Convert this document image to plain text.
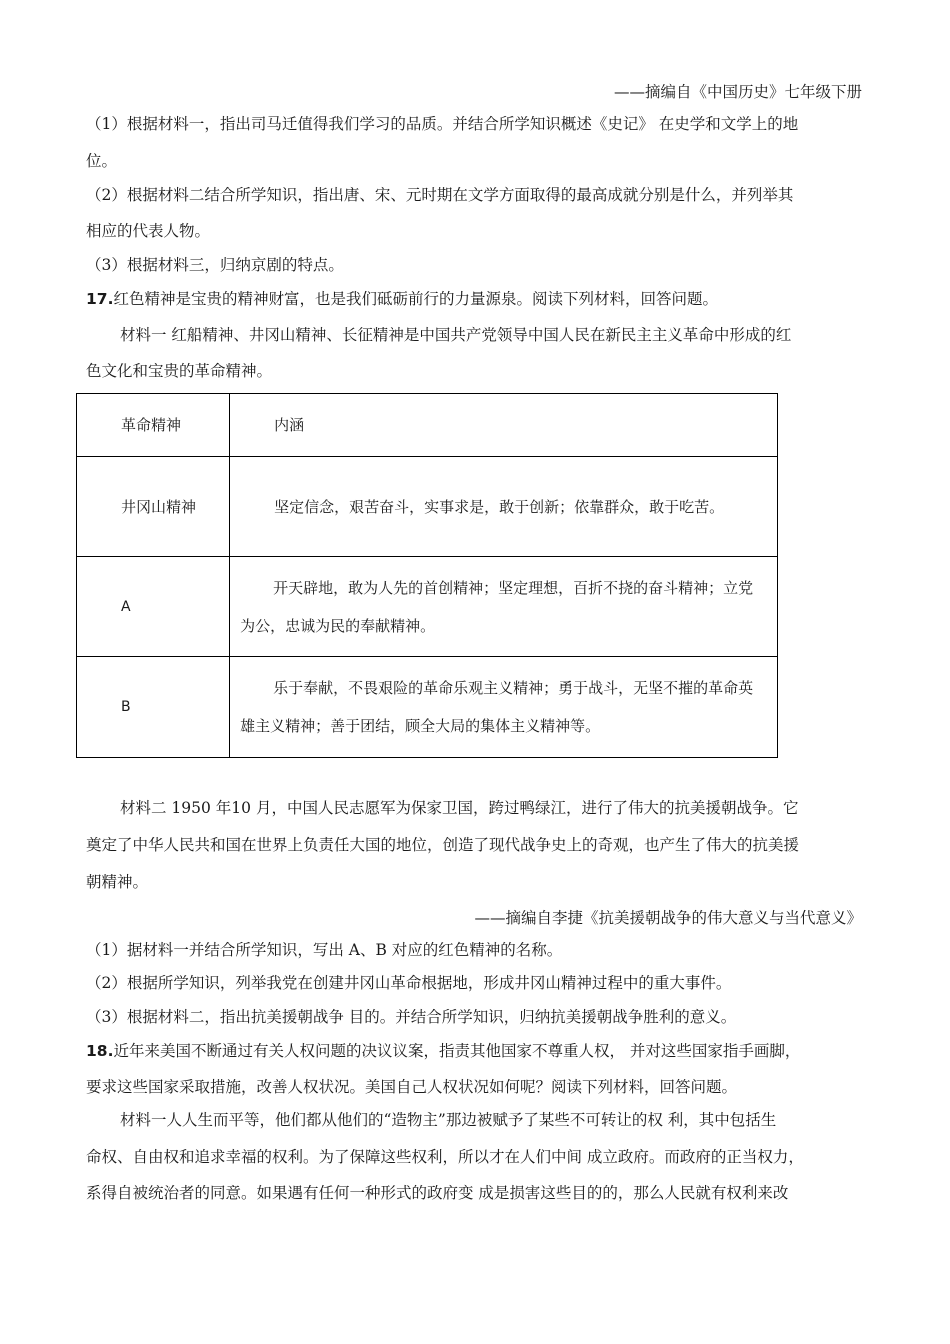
——摘编自《中国历史》七年级下册
（1）根据材料一，指出司马迁值得我们学习的品质。并结合所学知识概述《史记》 在史学和文学上的地
位。
（2）根据材料二结合所学知识，指出唐、宋、元时期在文学方面取得的最高成就分别是什么，并列举其
相应的代表人物。
（3）根据材料三，归纳京剧的特点。
17.红色精神是宝贵的精神财富，也是我们砥砺前行的力量源泉。阅读下列材料，回答问题。
材料一 红船精神、井冈山精神、长征精神是中国共产党领导中国人民在新民主主义革命中形成的红
色文化和宝贵的革命精神。
革命精神	内涵
井冈山精神	坚定信念，艰苦奋斗，实事求是，敢于创新；依靠群众，敢于吃苦。
A	开天辟地，敢为人先的首创精神；坚定理想，百折不挠的奋斗精神；立党为公，忠诚为民的奉献精神。
B	乐于奉献，不畏艰险的革命乐观主义精神；勇于战斗，无坚不摧的革命英雄主义精神；善于团结，顾全大局的集体主义精神等。
材料二 1950 年10 月，中国人民志愿军为保家卫国，跨过鸭绿江，进行了伟大的抗美援朝战争。它
奠定了中华人民共和国在世界上负责任大国的地位，创造了现代战争史上的奇观，也产生了伟大的抗美援
朝精神。
——摘编自李捷《抗美援朝战争的伟大意义与当代意义》
（1）据材料一并结合所学知识，写出 A、B 对应的红色精神的名称。
（2）根据所学知识，列举我党在创建井冈山革命根据地，形成井冈山精神过程中的重大事件。
（3）根据材料二，指出抗美援朝战争 目的。并结合所学知识，归纳抗美援朝战争胜利的意义。
18.近年来美国不断通过有关人权问题的决议议案，指责其他国家不尊重人权， 并对这些国家指手画脚，
要求这些国家采取措施，改善人权状况。美国自己人权状况如何呢？阅读下列材料，回答问题。
材料一人人生而平等，他们都从他们的“造物主”那边被赋予了某些不可转让的权 利，其中包括生
命权、自由权和追求幸福的权利。为了保障这些权利，所以才在人们中间 成立政府。而政府的正当权力，
系得自被统治者的同意。如果遇有任何一种形式的政府变 成是损害这些目的的，那么人民就有权利来改
